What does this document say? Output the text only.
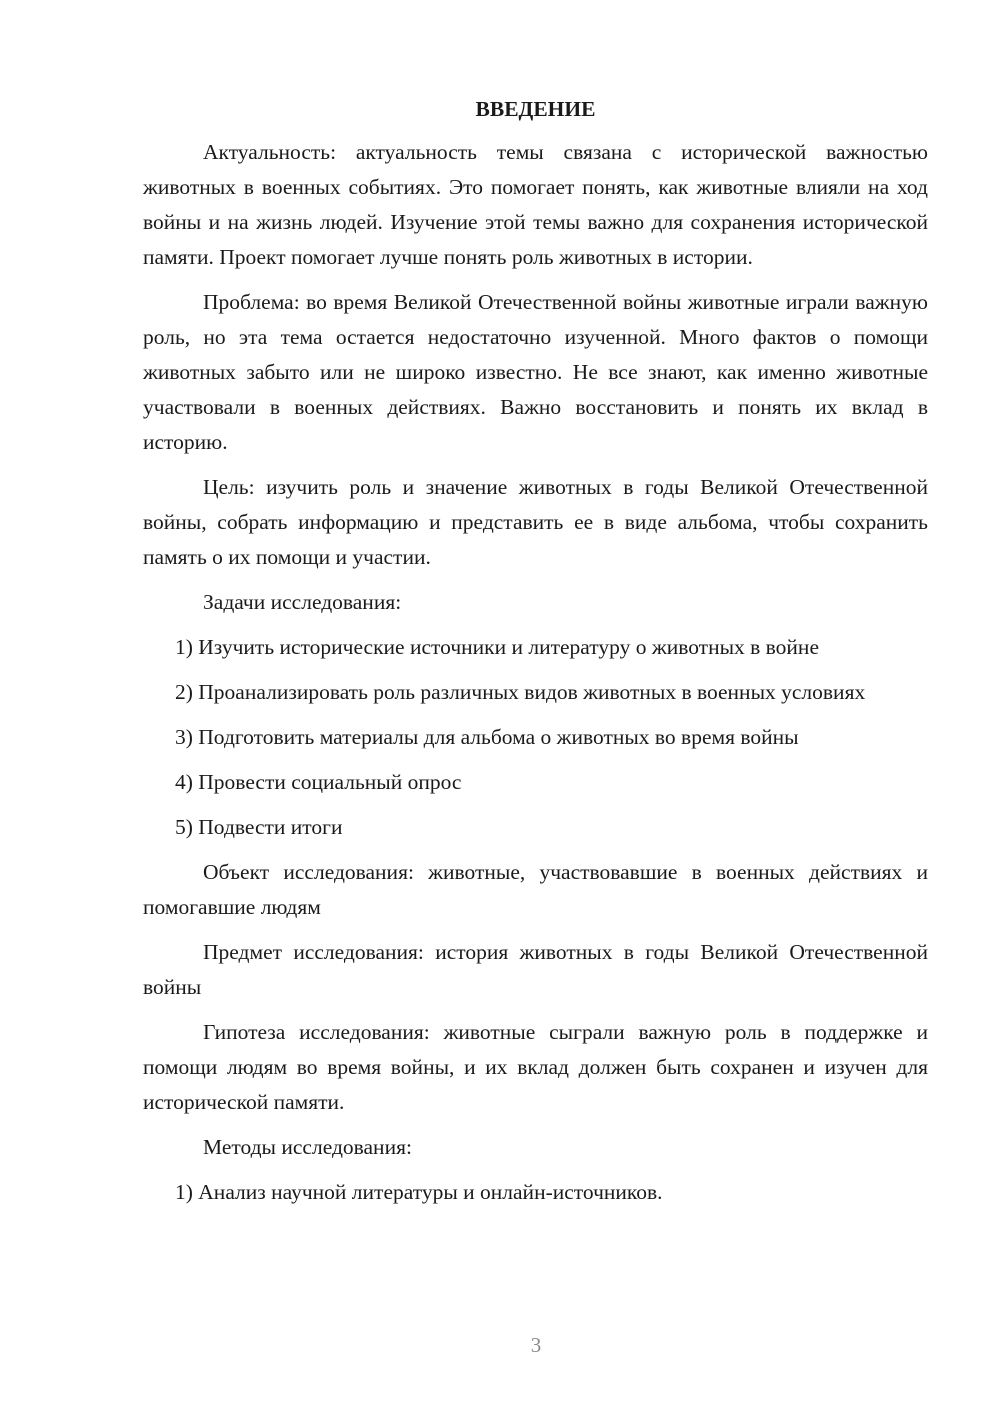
ВВЕДЕНИЕ

Актуальность: актуальность темы связана с исторической важностью животных в военных событиях. Это помогает понять, как животные влияли на ход войны и на жизнь людей. Изучение этой темы важно для сохранения исторической памяти. Проект помогает лучше понять роль животных в истории.

Проблема: во время Великой Отечественной войны животные играли важную роль, но эта тема остается недостаточно изученной. Много фактов о помощи животных забыто или не широко известно. Не все знают, как именно животные участвовали в военных действиях. Важно восстановить и понять их вклад в историю.

Цель: изучить роль и значение животных в годы Великой Отечественной войны, собрать информацию и представить ее в виде альбома, чтобы сохранить память о их помощи и участии.

Задачи исследования:

1) Изучить исторические источники и литературу о животных в войне

2) Проанализировать роль различных видов животных в военных условиях

3) Подготовить материалы для альбома о животных во время войны

4) Провести социальный опрос

5) Подвести итоги

Объект исследования: животные, участвовавшие в военных действиях и помогавшие людям

Предмет исследования: история животных в годы Великой Отечественной войны

Гипотеза исследования: животные сыграли важную роль в поддержке и помощи людям во время войны, и их вклад должен быть сохранен и изучен для исторической памяти.

Методы исследования:

1) Анализ научной литературы и онлайн-источников.

3
